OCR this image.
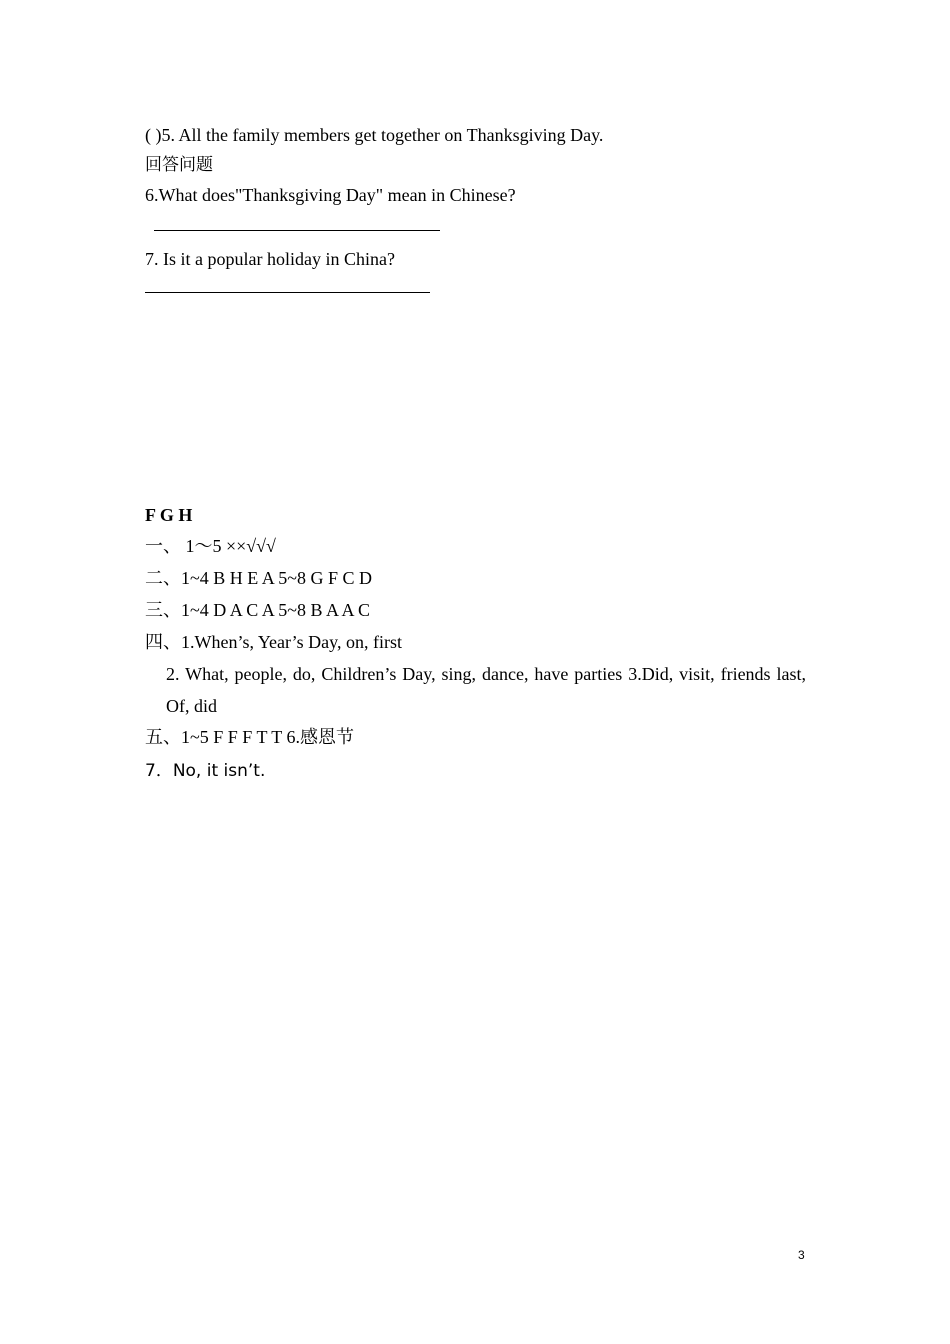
( )5. All the family members get together on Thanksgiving Day.
回答问题
6.What does"Thanksgiving Day" mean in Chinese?
7. Is it a popular holiday in China?
F G H
一、 1～5 ××√√√
二、1~4 B H E A 5~8 G F C D
三、1~4 D A C A 5~8 B A A C
四、1.When’s, Year’s Day, on, first
2. What, people, do, Children’s Day, sing, dance, have parties 3.Did, visit, friends last, Of, did
五、1~5 F F F T T 6.感恩节
7．No, it isn’t.
3
